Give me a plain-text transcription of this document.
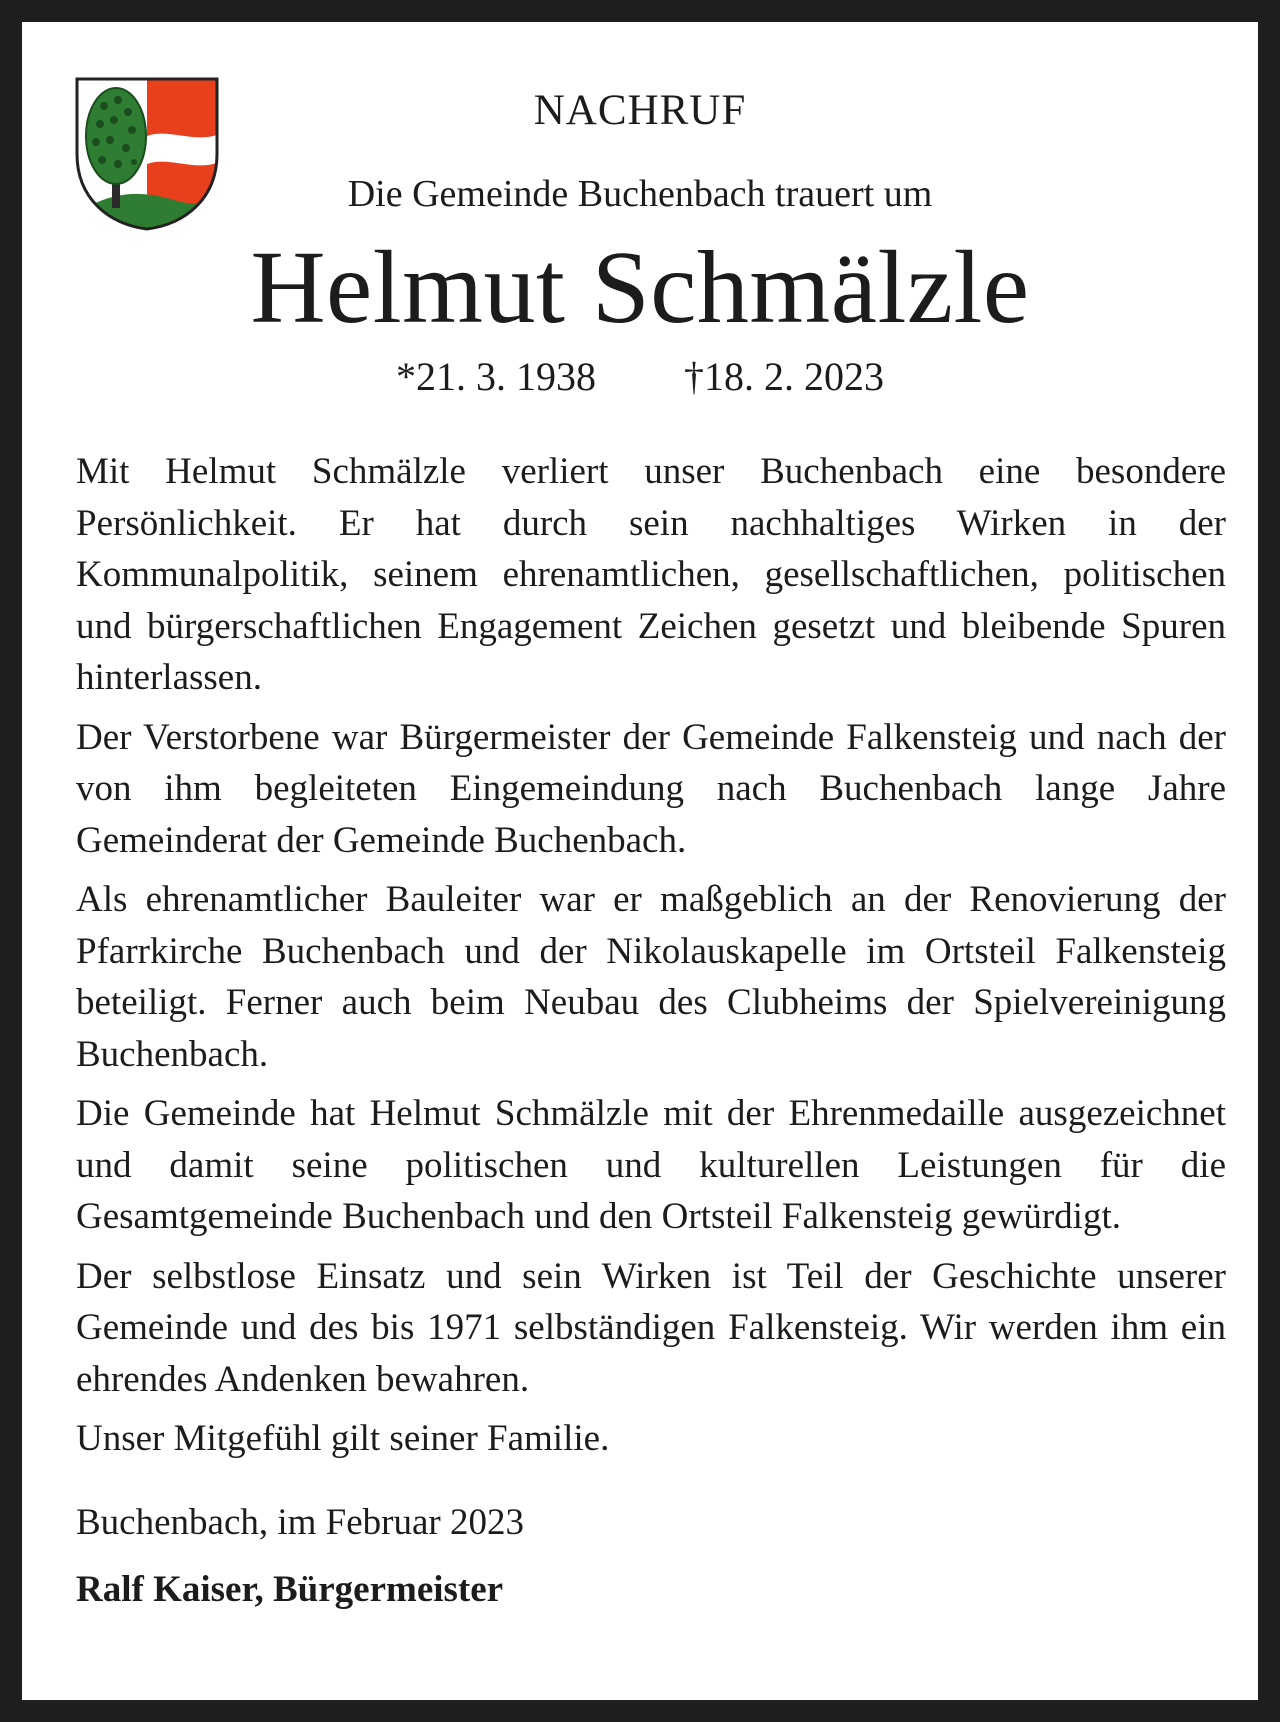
NACHRUF
Die Gemeinde Buchenbach trauert um
Helmut Schmälzle
*21. 3. 1938 †18. 2. 2023

Mit Helmut Schmälzle verliert unser Buchenbach eine besondere Persönlichkeit. Er hat durch sein nachhaltiges Wirken in der Kommunalpolitik, seinem ehrenamtlichen, gesellschaftlichen, politischen und bürgerschaftlichen Engagement Zeichen gesetzt und bleibende Spuren hinterlassen.

Der Verstorbene war Bürgermeister der Gemeinde Falkensteig und nach der von ihm begleiteten Eingemeindung nach Buchenbach lange Jahre Gemeinderat der Gemeinde Buchenbach.

Als ehrenamtlicher Bauleiter war er maßgeblich an der Renovierung der Pfarrkirche Buchenbach und der Nikolauskapelle im Ortsteil Falkensteig beteiligt. Ferner auch beim Neubau des Clubheims der Spielvereinigung Buchenbach.

Die Gemeinde hat Helmut Schmälzle mit der Ehrenmedaille ausgezeichnet und damit seine politischen und kulturellen Leistungen für die Gesamtgemeinde Buchenbach und den Ortsteil Falkensteig gewürdigt.

Der selbstlose Einsatz und sein Wirken ist Teil der Geschichte unserer Gemeinde und des bis 1971 selbständigen Falkensteig. Wir werden ihm ein ehrendes Andenken bewahren.

Unser Mitgefühl gilt seiner Familie.

Buchenbach, im Februar 2023

Ralf Kaiser, Bürgermeister
